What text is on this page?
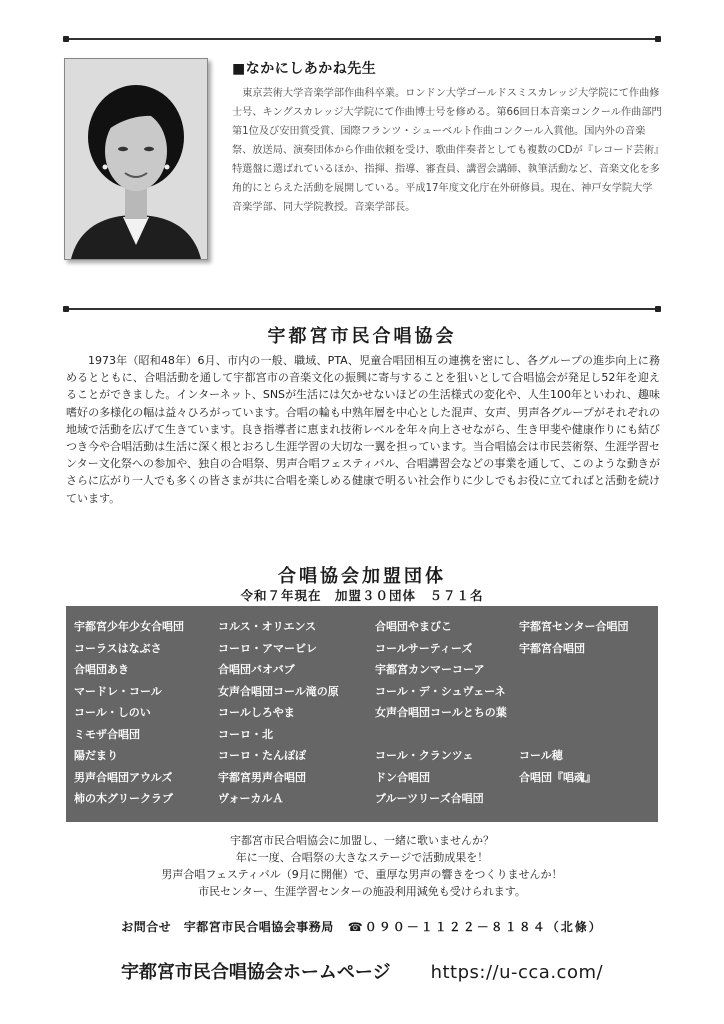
■なかにしあかね先生

東京芸術大学音楽学部作曲科卒業。ロンドン大学ゴールドスミスカレッジ大学院にて作曲修士号、キングスカレッジ大学院にて作曲博士号を修める。第66回日本音楽コンクール作曲部門第1位及び安田賞受賞、国際フランツ・シューベルト作曲コンクール入賞他。国内外の音楽祭、放送局、演奏団体から作曲依頼を受け、歌曲伴奏者としても複数のCDが『レコード芸術』特選盤に選ばれているほか、指揮、指導、審査員、講習会講師、執筆活動など、音楽文化を多角的にとらえた活動を展開している。平成17年度文化庁在外研修員。現在、神戸女学院大学音楽学部、同大学院教授。音楽学部長。

宇都宮市民合唱協会

1973年（昭和48年）6月、市内の一般、職域、PTA、児童合唱団相互の連携を密にし、各グループの進歩向上に務めるとともに、合唱活動を通して宇都宮市の音楽文化の振興に寄与することを狙いとして合唱協会が発足し52年を迎えることができました。インターネット、SNSが生活には欠かせないほどの生活様式の変化や、人生100年といわれ、趣味嗜好の多様化の幅は益々ひろがっています。合唱の輪も中熟年層を中心とした混声、女声、男声各グループがそれぞれの地域で活動を広げて生きています。良き指導者に恵まれ技術レベルを年々向上させながら、生き甲斐や健康作りにも結びつき今や合唱活動は生活に深く根とおろし生涯学習の大切な一翼を担っています。当合唱協会は市民芸術祭、生涯学習センター文化祭への参加や、独自の合唱祭、男声合唱フェスティバル、合唱講習会などの事業を通して、このような動きがさらに広がり一人でも多くの皆さまが共に合唱を楽しめる健康で明るい社会作りに少しでもお役に立てればと活動を続けています。

合唱協会加盟団体
令和７年現在　加盟３０団体　５７１名
宇都宮少年少女合唱団	コルス・オリエンス	合唱団やまびこ	宇都宮センター合唱団
コーラスはなぶさ	コーロ・アマービレ	コールサーティーズ	宇都宮合唱団
合唱団あき	合唱団バオバブ	宇都宮カンマーコーア
マードレ・コール	女声合唱団コール滝の原	コール・デ・シュヴェーネ
コール・しのい	コールしろやま	女声合唱団コールとちの葉
ミモザ合唱団	コーロ・北
陽だまり	コーロ・たんぽぽ	コール・クランツェ	コール穂
男声合唱団アウルズ	宇都宮男声合唱団	ドン合唱団	合唱団『唱魂』
柿の木グリークラブ	ヴォーカルＡ	ブルーツリーズ合唱団
宇都宮市民合唱協会に加盟し、一緒に歌いませんか？
年に一度、合唱祭の大きなステージで活動成果を！
男声合唱フェスティバル（9月に開催）で、重厚な男声の響きをつくりませんか！
市民センター、生涯学習センターの施設利用減免も受けられます。
お問合せ　宇都宮市民合唱協会事務局 ☎０９０－１１２２－８１８４（北條）
宇都宮市民合唱協会ホームページ https://u-cca.com/
